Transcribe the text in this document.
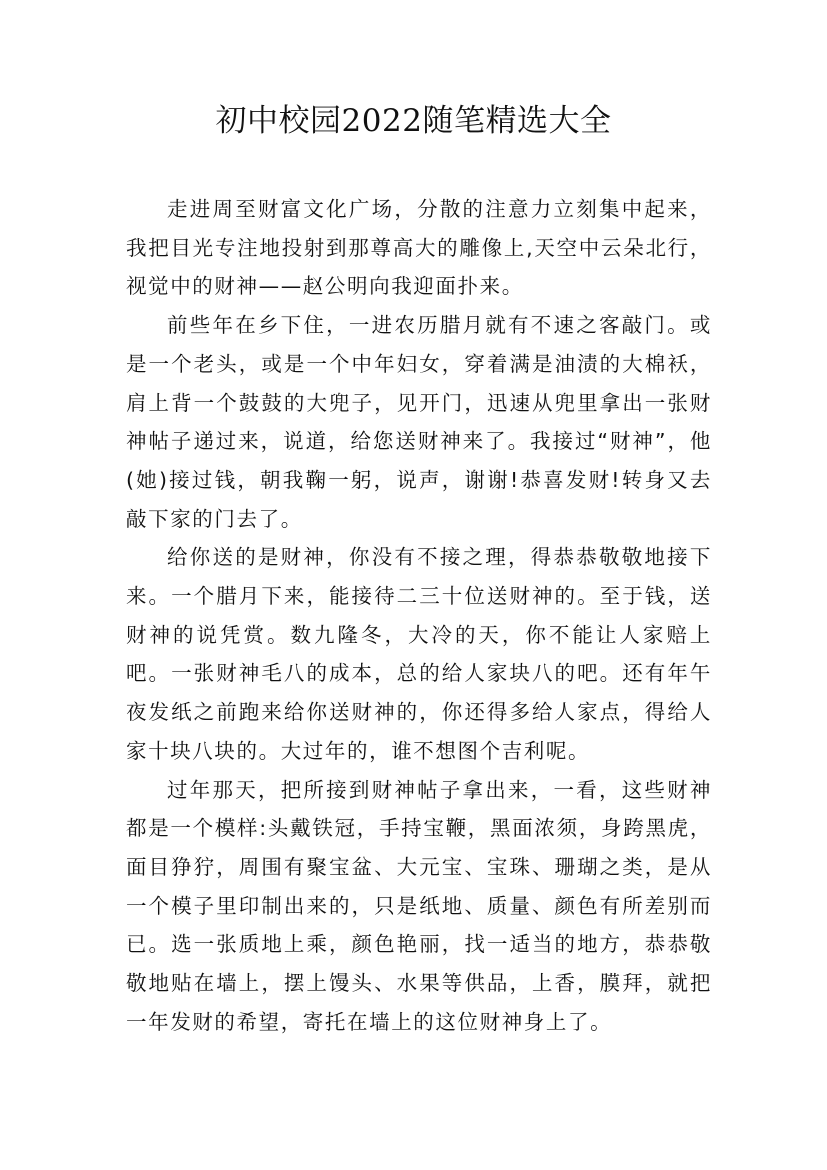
初中校园2022随笔精选大全

走进周至财富文化广场，分散的注意力立刻集中起来，我把目光专注地投射到那尊高大的雕像上,天空中云朵北行，视觉中的财神——赵公明向我迎面扑来。

前些年在乡下住，一进农历腊月就有不速之客敲门。或是一个老头，或是一个中年妇女，穿着满是油渍的大棉袄，肩上背一个鼓鼓的大兜子，见开门，迅速从兜里拿出一张财神帖子递过来，说道，给您送财神来了。我接过“财神”，他(她)接过钱，朝我鞠一躬，说声，谢谢!恭喜发财!转身又去敲下家的门去了。

给你送的是财神，你没有不接之理，得恭恭敬敬地接下来。一个腊月下来，能接待二三十位送财神的。至于钱，送财神的说凭赏。数九隆冬，大冷的天，你不能让人家赔上吧。一张财神毛八的成本，总的给人家块八的吧。还有年午夜发纸之前跑来给你送财神的，你还得多给人家点，得给人家十块八块的。大过年的，谁不想图个吉利呢。

过年那天，把所接到财神帖子拿出来，一看，这些财神都是一个模样:头戴铁冠，手持宝鞭，黑面浓须，身跨黑虎，面目狰狞，周围有聚宝盆、大元宝、宝珠、珊瑚之类，是从一个模子里印制出来的，只是纸地、质量、颜色有所差别而已。选一张质地上乘，颜色艳丽，找一适当的地方，恭恭敬敬地贴在墙上，摆上馒头、水果等供品，上香，膜拜，就把一年发财的希望，寄托在墙上的这位财神身上了。
